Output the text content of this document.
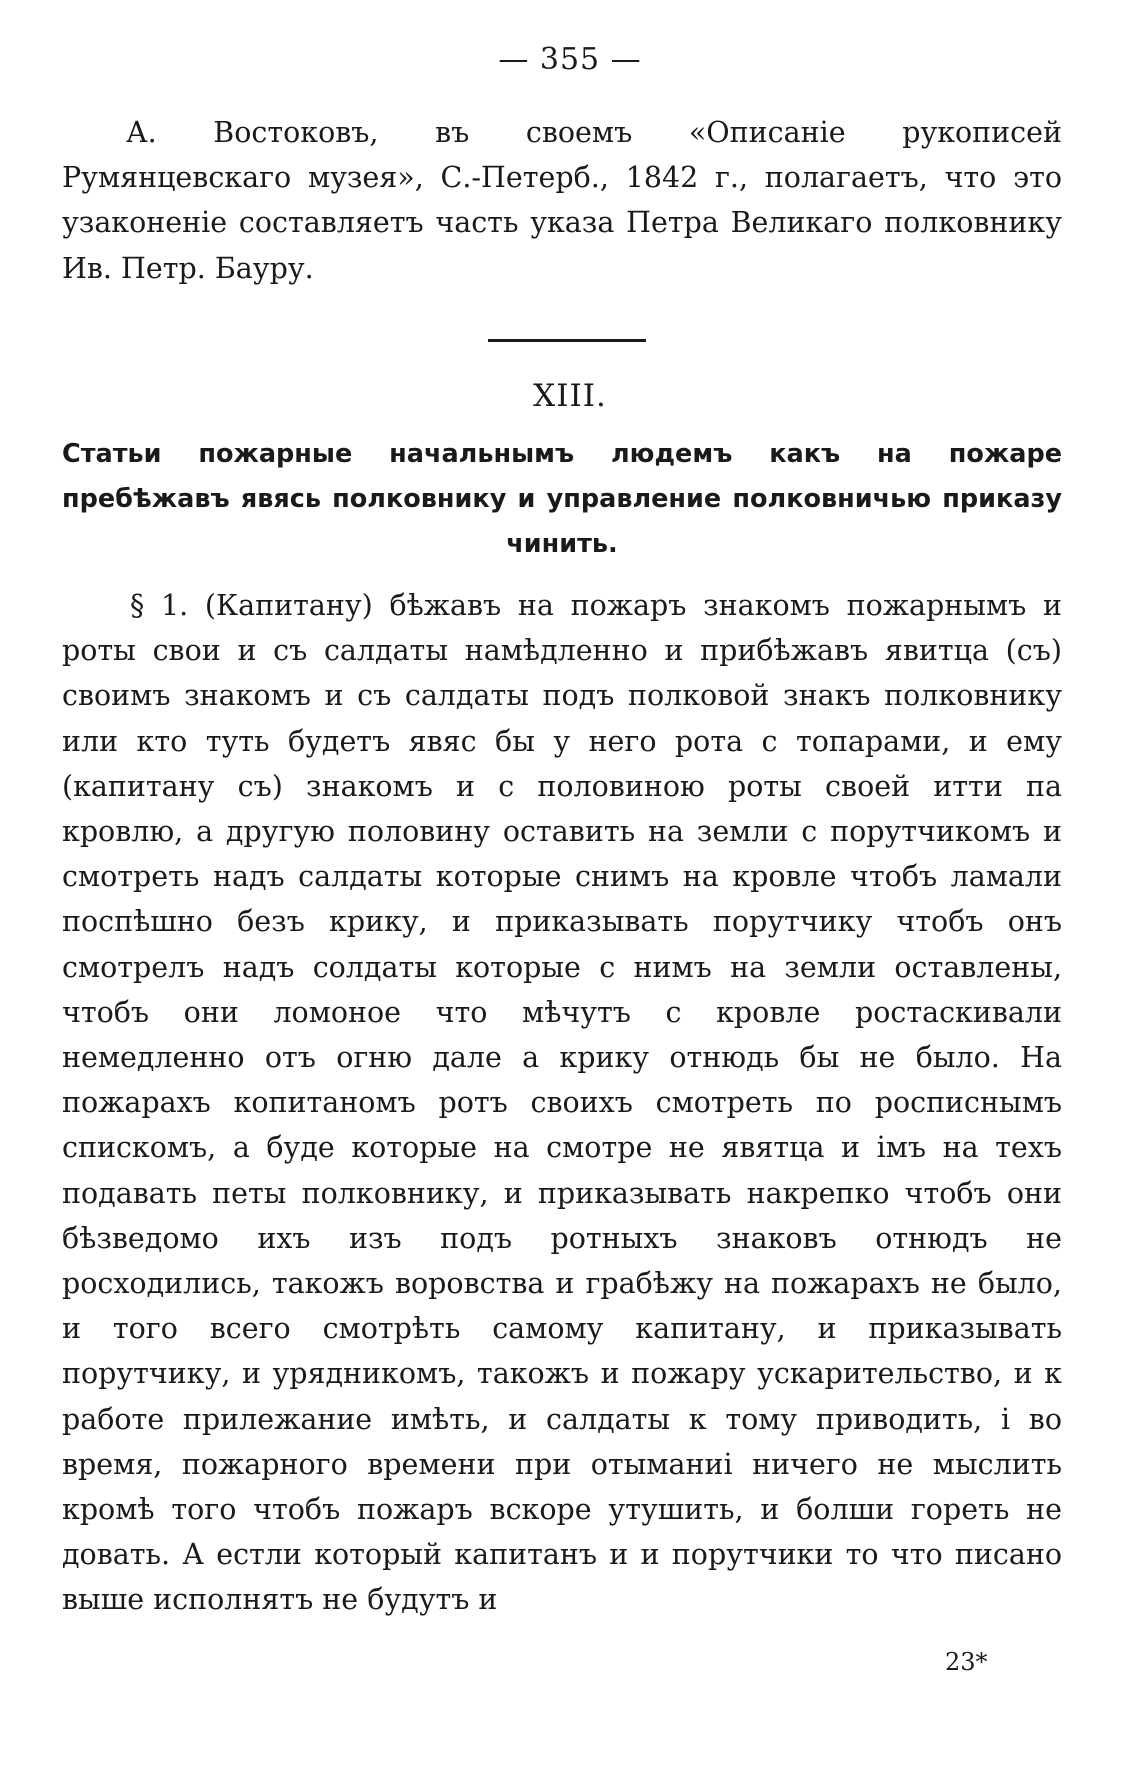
— 355 —

А. Востоковъ, въ своемъ «Описаніе рукописей Румянцевскаго музея», С.-Петерб., 1842 г., полагаетъ, что это узаконеніе составляетъ часть указа Петра Великаго полковнику Ив. Петр. Бауру.

XIII.
Статьи пожарные начальнымъ людемъ какъ на пожаре пребѣжавъ явясь полковнику и управление полковничью приказу чинить.

§ 1. (Капитану) бѣжавъ на пожаръ знакомъ пожарнымъ и роты свои и съ салдаты намѣдленно и прибѣжавъ явитца (съ) своимъ знакомъ и съ салдаты подъ полковой знакъ полковнику или кто туть будетъ явяс бы у него рота с топарами, и ему (капитану съ) знакомъ и с половиною роты своей итти па кровлю, а другую половину оставить на земли с порутчикомъ и смотреть надъ салдаты которые снимъ на кровле чтобъ ламали поспѣшно безъ крику, и приказывать порутчику чтобъ онъ смотрелъ надъ солдаты которые с нимъ на земли оставлены, чтобъ они ломоное что мѣчутъ с кровле ростаскивали немедленно отъ огню дале а крику отнюдь бы не было. На пожарахъ копитаномъ ротъ своихъ смотреть по росписнымъ спискомъ, а буде которые на смотре не явятца и імъ на техъ подавать петы полковнику, и приказывать накрепко чтобъ они бѣзведомо ихъ изъ подъ ротныхъ знаковъ отнюдъ не росходились, такожъ воровства и грабѣжу на пожарахъ не было, и того всего смотрѣть самому капитану, и приказывать порутчику, и урядникомъ, такожъ и пожару ускарительство, и к работе прилежание имѣть, и салдаты к тому приводить, і во время, пожарного времени при отыманиі ничего не мыслить кромѣ того чтобъ пожаръ вскоре утушить, и болши гореть не довать. А естли который капитанъ и и порутчики то что писано выше исполнятъ не будутъ и

23*
